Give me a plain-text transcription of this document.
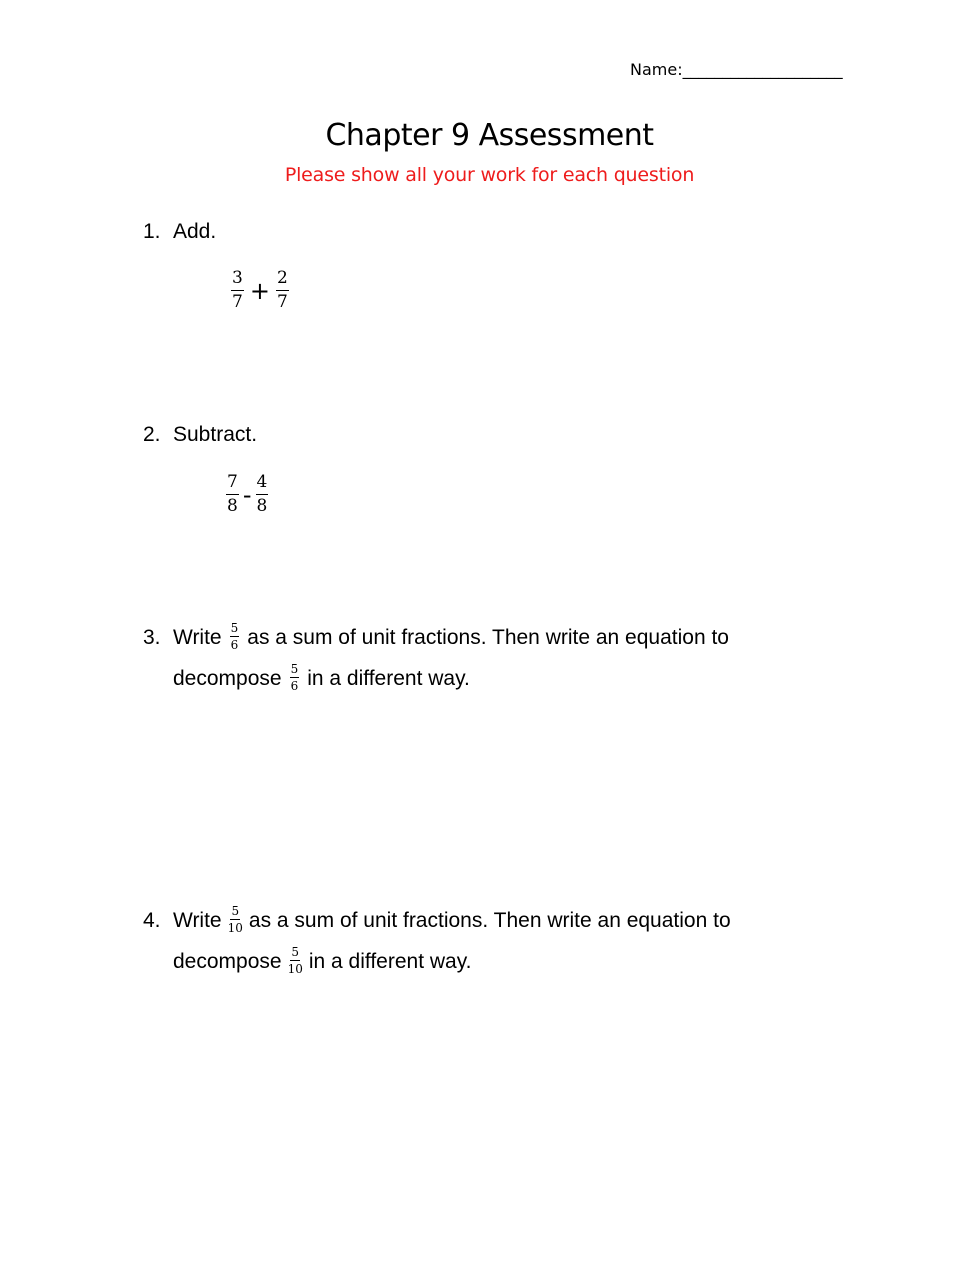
Name:____________________
Chapter 9 Assessment
Please show all your work for each question
1. Add.
$\frac{3}{7} + \frac{2}{7}$
2. Subtract.
$\frac{7}{8} - \frac{4}{8}$
3. Write $\frac{5}{6}$ as a sum of unit fractions. Then write an equation to
decompose $\frac{5}{6}$ in a different way.
4. Write $\frac{5}{10}$ as a sum of unit fractions. Then write an equation to
decompose $\frac{5}{10}$ in a different way.
